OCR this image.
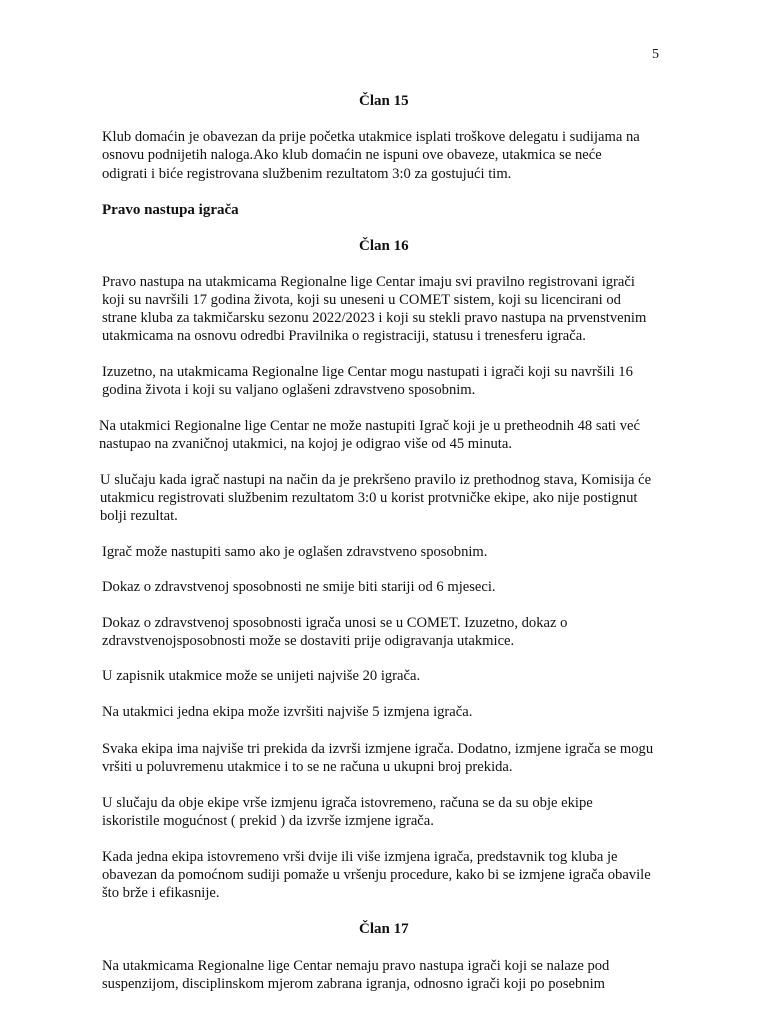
5
Član 15
Klub domaćin je obavezan da prije početka utakmice isplati troškove delegatu i sudijama na
osnovu podnijetih naloga.Ako klub domaćin ne ispuni ove obaveze, utakmica se neće
odigrati i biće registrovana službenim rezultatom 3:0 za gostujući tim.
Pravo nastupa igrača
Član 16
Pravo nastupa na utakmicama Regionalne lige Centar imaju svi pravilno registrovani igrači
koji su navršili 17 godina života, koji su uneseni u COMET sistem, koji su licencirani od
strane kluba za takmičarsku sezonu 2022/2023 i koji su stekli pravo nastupa na prvenstvenim
utakmicama na osnovu odredbi Pravilnika o registraciji, statusu i trenesferu igrača.
Izuzetno, na utakmicama Regionalne lige Centar mogu nastupati i igrači koji su navršili 16
godina života i koji su valjano oglašeni zdravstveno sposobnim.
Na utakmici Regionalne lige Centar ne može nastupiti Igrač koji je u pretheodnih 48 sati već
nastupao na zvaničnoj utakmici, na kojoj je odigrao više od 45 minuta.
U slučaju kada igrač nastupi na način da je prekršeno pravilo iz prethodnog stava, Komisija će
utakmicu registrovati službenim rezultatom 3:0 u korist protvničke ekipe, ako nije postignut
bolji rezultat.
Igrač može nastupiti samo ako je oglašen zdravstveno sposobnim.
Dokaz o zdravstvenoj sposobnosti ne smije biti stariji od 6 mjeseci.
Dokaz o zdravstvenoj sposobnosti igrača unosi se u COMET. Izuzetno, dokaz o
zdravstvenojsposobnosti može se dostaviti prije odigravanja utakmice.
U zapisnik utakmice može se unijeti najviše 20 igrača.
Na utakmici jedna ekipa može izvršiti najviše 5 izmjena igrača.
Svaka ekipa ima najviše tri prekida da izvrši izmjene igrača. Dodatno, izmjene igrača se mogu
vršiti u poluvremenu utakmice i to se ne računa u ukupni broj prekida.
U slučaju da obje ekipe vrše izmjenu igrača istovremeno, računa se da su obje ekipe
iskoristile mogućnost ( prekid ) da izvrše izmjene igrača.
Kada jedna ekipa istovremeno vrši dvije ili više izmjena igrača, predstavnik tog kluba je
obavezan da pomoćnom sudiji pomaže u vršenju procedure, kako bi se izmjene igrača obavile
što brže i efikasnije.
Član 17
Na utakmicama Regionalne lige Centar nemaju pravo nastupa igrači koji se nalaze pod
suspenzijom, disciplinskom mjerom zabrana igranja, odnosno igrači koji po posebnim
